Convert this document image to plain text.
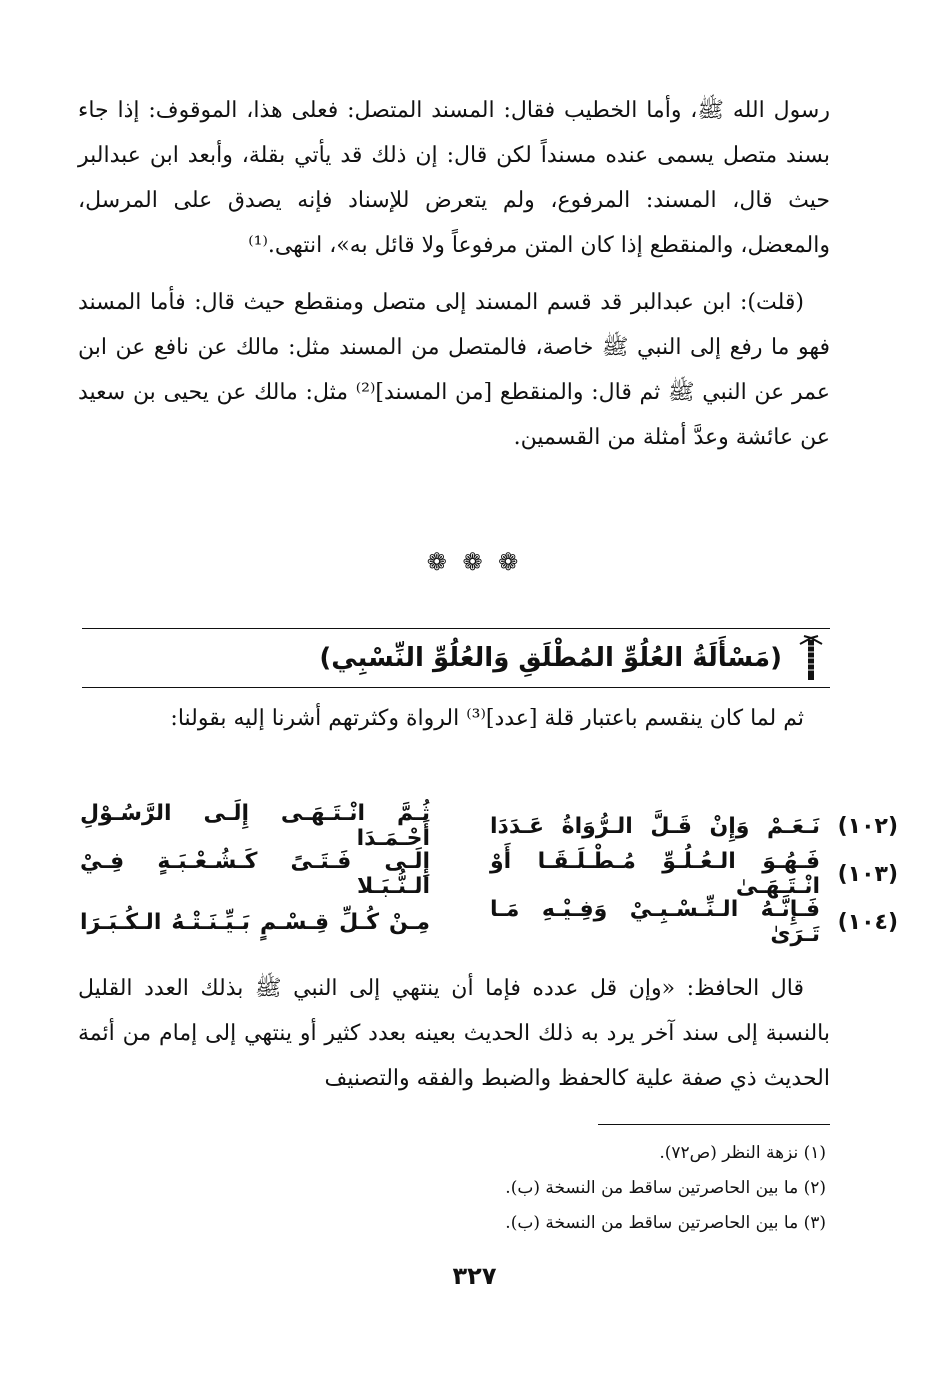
رسول الله ﷺ، وأما الخطيب فقال: المسند المتصل: فعلى هذا، الموقوف: إذا جاء بسند متصل يسمى عنده مسنداً لكن قال: إن ذلك قد يأتي بقلة، وأبعد ابن عبدالبر حيث قال، المسند: المرفوع، ولم يتعرض للإسناد فإنه يصدق على المرسل، والمعضل، والمنقطع إذا كان المتن مرفوعاً ولا قائل به»، انتهى.⁽¹⁾

(قلت): ابن عبدالبر قد قسم المسند إلى متصل ومنقطع حيث قال: فأما المسند فهو ما رفع إلى النبي ﷺ خاصة، فالمتصل من المسند مثل: مالك عن نافع عن ابن عمر عن النبي ﷺ ثم قال: والمنقطع [من المسند]⁽²⁾ مثل: مالك عن يحيى بن سعيد عن عائشة وعدَّ أمثلة من القسمين.

❁ ❁ ❁
(مَسْأَلَةُ العُلُوِّ المُطْلَقِ وَالعُلُوِّ النِّسْبِي)

ثم لما كان ينقسم باعتبار قلة [عدد]⁽³⁾ الرواة وكثرتهم أشرنا إليه بقولنا:

(١٠٢)
نَـعَـمْ وَإِنْ قَـلَّ الـرُّوَاةُ عَـدَدَا
ثُـمَّ انْـتَـهَـى إِلَـى الرَّسُـوْلِ أَحْـمَـدَا
(١٠٣)
فَـهُـوَ الـعُـلُـوِّ مُـطْـلَـقَـا أَوْ انْـتَـهَـىٰ
إِلَـى فَـتَـىً كَـشُـعْـبَـةٍ فِـيْ الـنُّـبَـلا
(١٠٤)
فَـإِنَّـهُ الـنِّـسْـبِـيْ وَفِـيْـهِ مَـا تَـرَىٰ
مِـنْ كُـلِّ قِـسْـمٍ بَـيِّـنَـتْـهُ الـكُـبَـرَا

قال الحافظ: «وإن قل عدده فإما أن ينتهي إلى النبي ﷺ بذلك العدد القليل بالنسبة إلى سند آخر يرد به ذلك الحديث بعينه بعدد كثير أو ينتهي إلى إمام من أئمة الحديث ذي صفة علية كالحفظ والضبط والفقه والتصنيف

(١) نزهة النظر (ص٧٢).
(٢) ما بين الحاصرتين ساقط من النسخة (ب).
(٣) ما بين الحاصرتين ساقط من النسخة (ب).
٣٢٧
